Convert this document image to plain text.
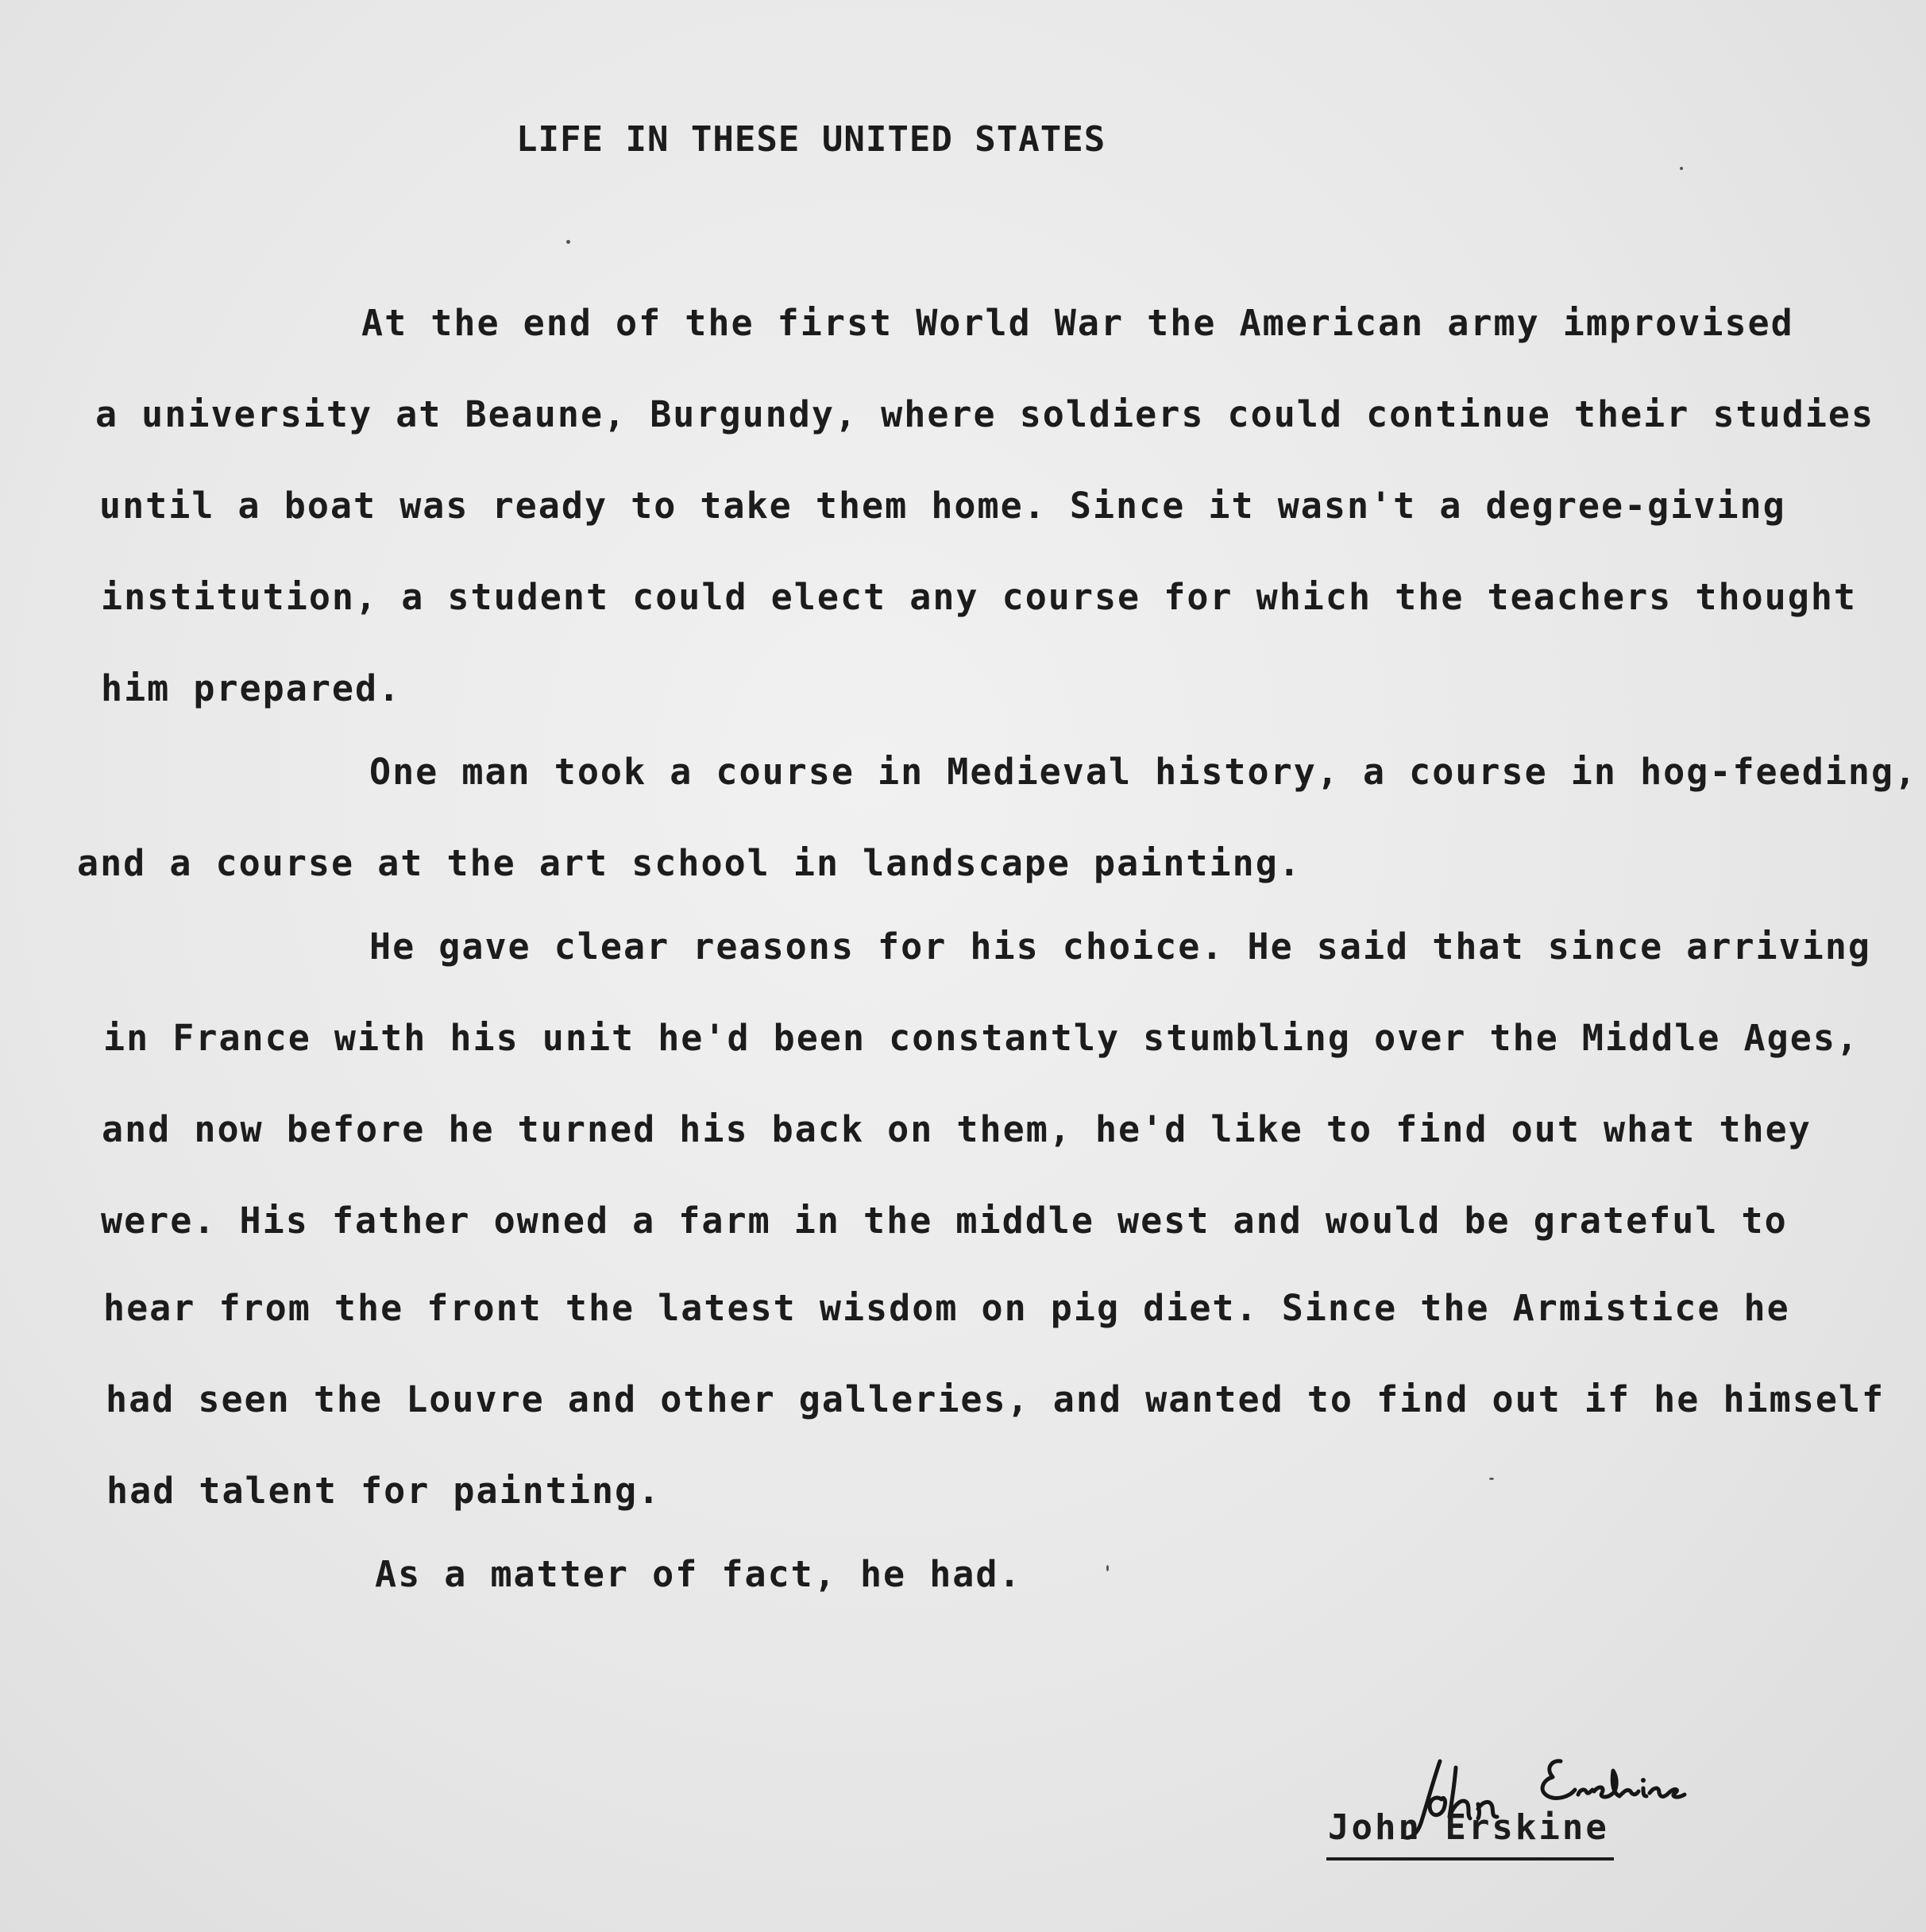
LIFE IN THESE UNITED STATES
At the end of the first World War the American army improvised
a university at Beaune, Burgundy, where soldiers could continue their studies
until a boat was ready to take them home. Since it wasn't a degree-giving
institution, a student could elect any course for which the teachers thought
him prepared.
One man took a course in Medieval history, a course in hog-feeding,
and a course at the art school in landscape painting.
He gave clear reasons for his choice. He said that since arriving
in France with his unit he'd been constantly stumbling over the Middle Ages,
and now before he turned his back on them, he'd like to find out what they
were. His father owned a farm in the middle west and would be grateful to
hear from the front the latest wisdom on pig diet. Since the Armistice he
had seen the Louvre and other galleries, and wanted to find out if he himself
had talent for painting.
As a matter of fact, he had.
John Erskine
